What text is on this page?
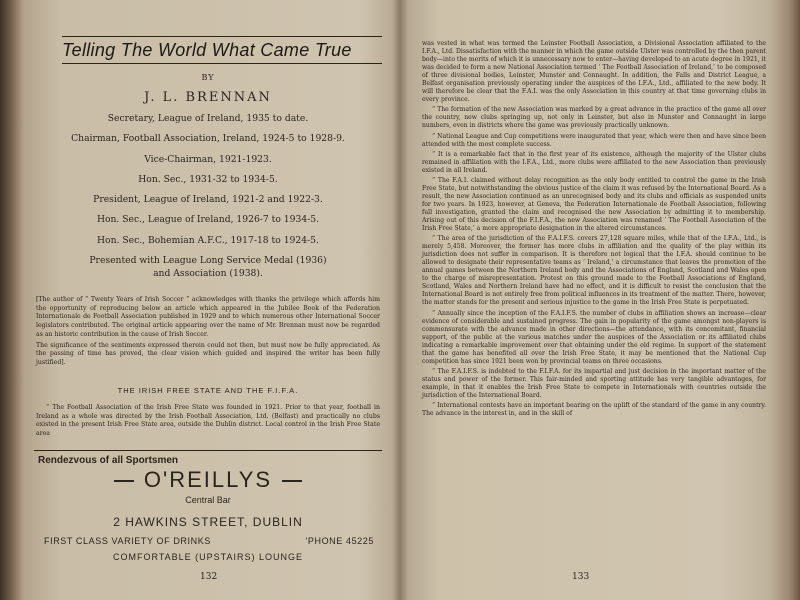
Telling The World What Came True
BY
J. L. BRENNAN
Secretary, League of Ireland, 1935 to date.
Chairman, Football Association, Ireland, 1924-5 to 1928-9.
Vice-Chairman, 1921-1923.
Hon. Sec., 1931-32 to 1934-5.
President, League of Ireland, 1921-2 and 1922-3.
Hon. Sec., League of Ireland, 1926-7 to 1934-5.
Hon. Sec., Bohemian A.F.C., 1917-18 to 1924-5.
Presented with League Long Service Medal (1936)
and Association (1938).

[The author of “ Twenty Years of Irish Soccer ” acknowledges with thanks the privilege which affords him the opportunity of reproducing below an article which appeared in the Jubilee Book of the Federation Internationale de Football Association published in 1929 and to which numerous other International Soccer legislators contributed. The original article appearing over the name of Mr. Brennan must now be regarded as an historic contribution in the cause of Irish Soccer.

The significance of the sentiments expressed therein could not then, but must now be fully appreciated. As the passing of time has proved, the clear vision which guided and inspired the writer has been fully justified].

THE IRISH FREE STATE AND THE F.I.F.A.

“ The Football Association of the Irish Free State was founded in 1921. Prior to that year, football in Ireland as a whole was directed by the Irish Football Association, Ltd. (Belfast) and practically no clubs existed in the present Irish Free State area, outside the Dublin district. Local control in the Irish Free State area

Rendezvous of all Sportsmen
O'REILLYS
Central Bar
2 HAWKINS STREET, DUBLIN
FIRST CLASS VARIETY OF DRINKS	'PHONE 45225
COMFORTABLE (UPSTAIRS) LOUNGE
132

was vested in what was termed the Leinster Football Association, a Divisional Association affiliated to the I.F.A., Ltd. Dissatisfaction with the manner in which the game outside Ulster was controlled by the then parent body—into the merits of which it is unnecessary now to enter—having developed to an acute degree in 1921, it was decided to form a new National Association termed ‘ The Football Association of Ireland,’ to be composed of three divisional bodies, Leinster, Munster and Connaught. In addition, the Falls and District League, a Belfast organisation previously operating under the auspices of the I.F.A., Ltd., affiliated to the new body. It will therefore be clear that the F.A.I. was the only Association in this country at that time governing clubs in every province.

“ The formation of the new Association was marked by a great advance in the practice of the game all over the country, new clubs springing up, not only in Leinster, but also in Munster and Connaught in large numbers, even in districts where the game was previously practically unknown.

“ National League and Cup competitions were inaugurated that year, which were then and have since been attended with the most complete success.

“ It is a remarkable fact that in the first year of its existence, although the majority of the Ulster clubs remained in affiliation with the I.F.A., Ltd., more clubs were affiliated to the new Association than previously existed in all Ireland.

“ The F.A.I. claimed without delay recognition as the only body entitled to control the game in the Irish Free State, but notwithstanding the obvious justice of the claim it was refused by the International Board. As a result, the new Association continued as an unrecognised body and its clubs and officials as suspended units for two years. In 1923, however, at Geneva, the Federation Internationale de Football Association, following full investigation, granted the claim and recognised the new Association by admitting it to membership. Arising out of this decision of the F.I.F.A., the new Association was renamed ‘ The Football Association of the Irish Free State,’ a more appropriate designation in the altered circumstances.

“ The area of the jurisdiction of the F.A.I.F.S. covers 27,128 square miles, while that of the I.F.A., Ltd., is merely 5,458. Moreover, the former has more clubs in affiliation and the quality of the play within its jurisdiction does not suffer in comparison. It is therefore not logical that the I.F.A. should continue to be allowed to designate their representative teams as ‘ Ireland,’ a circumstance that leaves the promotion of the annual games between the Northern Ireland body and the Associations of England, Scotland and Wales open to the charge of misrepresentation. Protest on this ground made to the Football Associations of England, Scotland, Wales and Northern Ireland have had no effect, and it is difficult to resist the conclusion that the International Board is not entirely free from political influences in its treatment of the matter. There, however, the matter stands for the present and serious injustice to the game in the Irish Free State is perpetuated.

“ Annually since the inception of the F.A.I.F.S. the number of clubs in affiliation shows an increase—clear evidence of considerable and sustained progress. The gain in popularity of the game amongst non-players is commensurate with the advance made in other directions—the attendance, with its concomitant, financial support, of the public at the various matches under the auspices of the Association or its affiliated clubs indicating a remarkable improvement over that obtaining under the old regime. In support of the statement that the game has benefited all over the Irish Free State, it may be mentioned that the National Cup competition has since 1921 been won by provincial teams on three occasions.

“ The F.A.I.F.S. is indebted to the F.I.F.A. for its impartial and just decision in the important matter of the status and power of the former. This fair-minded and sporting attitude has very tangible advantages, for example, in that it enables the Irish Free State to compete in Internationals with countries outside the jurisdiction of the International Board.

“ International contests have an important bearing on the uplift of the standard of the game in any country. The advance in the interest in, and in the skill of

133
